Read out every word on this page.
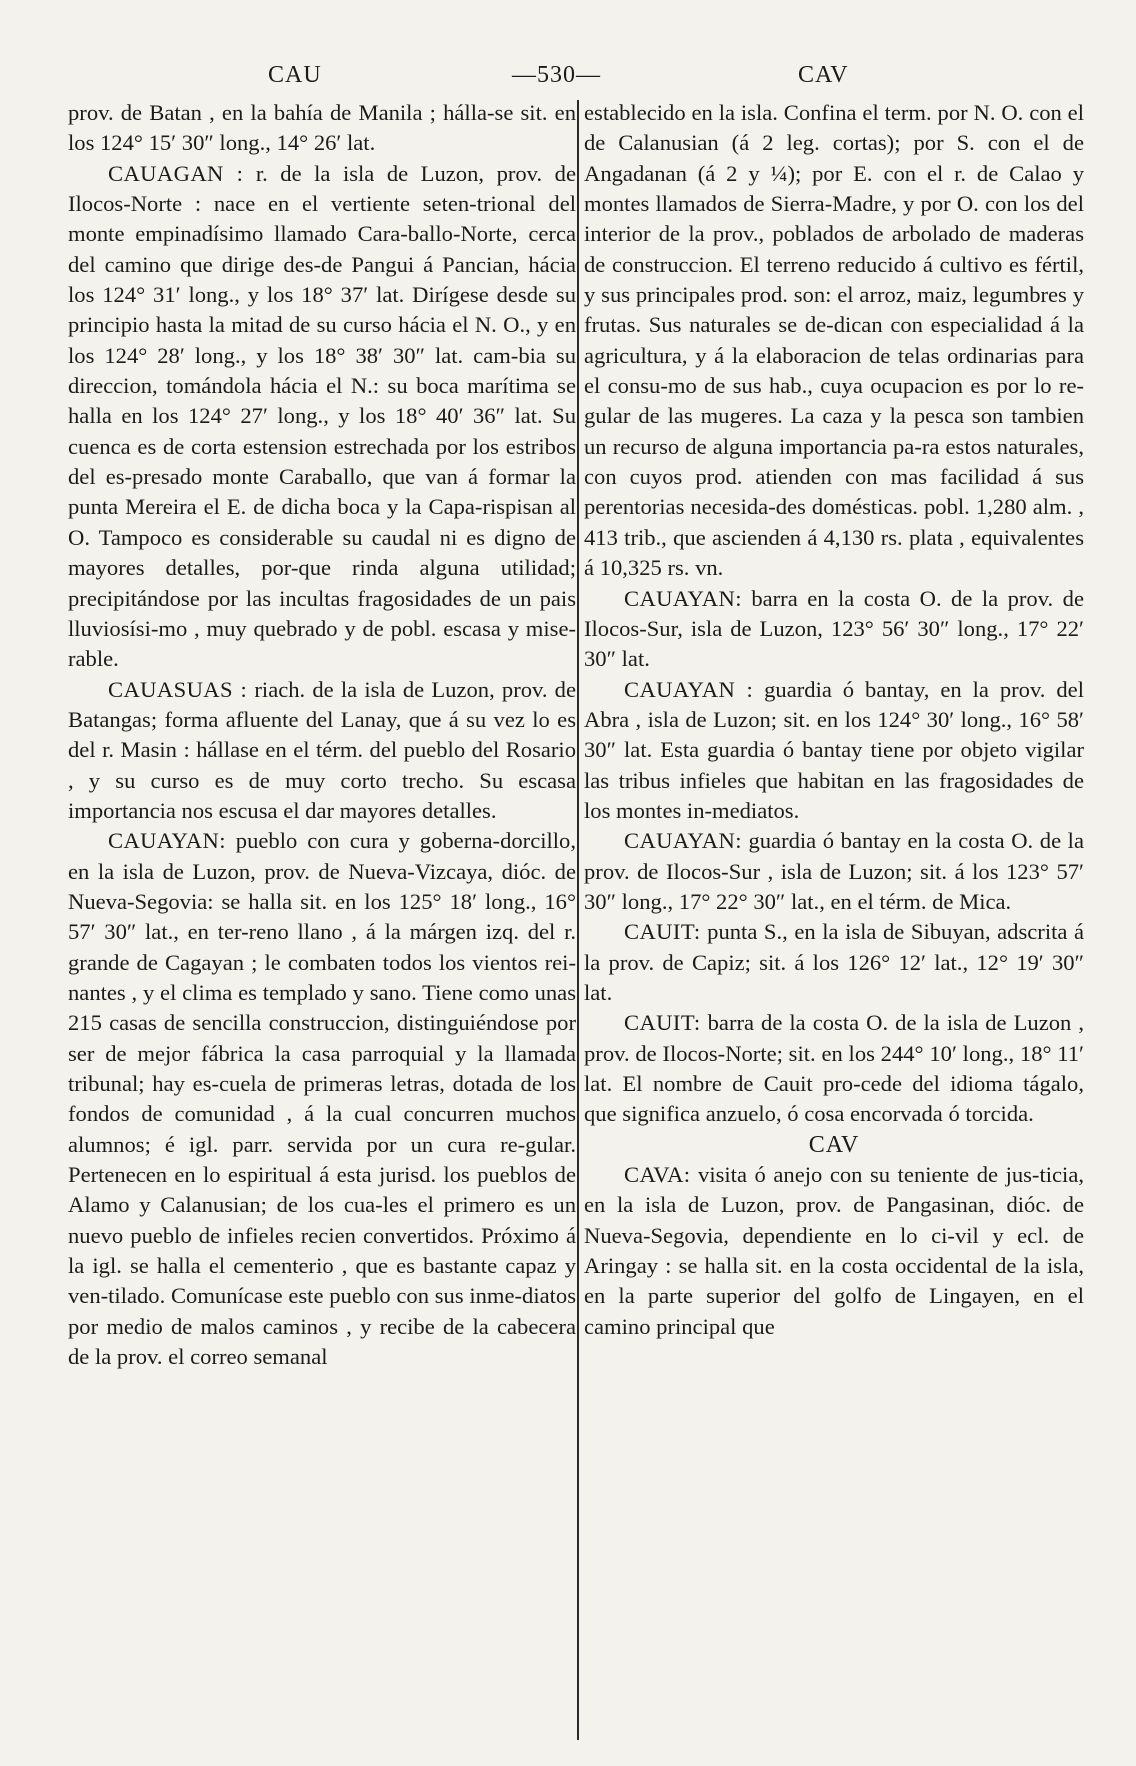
CAU	—530—	CAV

prov. de Batan , en la bahía de Manila ; hálla-se sit. en los 124° 15′ 30″ long., 14° 26′ lat.

CAUAGAN : r. de la isla de Luzon, prov. de Ilocos-Norte : nace en el vertiente seten-trional del monte empinadísimo llamado Cara-ballo-Norte, cerca del camino que dirige des-de Pangui á Pancian, hácia los 124° 31′ long., y los 18° 37′ lat. Dirígese desde su principio hasta la mitad de su curso hácia el N. O., y en los 124° 28′ long., y los 18° 38′ 30″ lat. cam-bia su direccion, tomándola hácia el N.: su boca marítima se halla en los 124° 27′ long., y los 18° 40′ 36″ lat. Su cuenca es de corta estension estrechada por los estribos del es-presado monte Caraballo, que van á formar la punta Mereira el E. de dicha boca y la Capa-rispisan al O. Tampoco es considerable su caudal ni es digno de mayores detalles, por-que rinda alguna utilidad; precipitándose por las incultas fragosidades de un pais lluviosísi-mo , muy quebrado y de pobl. escasa y mise-rable.

CAUASUAS : riach. de la isla de Luzon, prov. de Batangas; forma afluente del Lanay, que á su vez lo es del r. Masin : hállase en el térm. del pueblo del Rosario , y su curso es de muy corto trecho. Su escasa importancia nos escusa el dar mayores detalles.

CAUAYAN: pueblo con cura y goberna-dorcillo, en la isla de Luzon, prov. de Nueva-Vizcaya, dióc. de Nueva-Segovia: se halla sit. en los 125° 18′ long., 16° 57′ 30″ lat., en ter-reno llano , á la márgen izq. del r. grande de Cagayan ; le combaten todos los vientos rei-nantes , y el clima es templado y sano. Tiene como unas 215 casas de sencilla construccion, distinguiéndose por ser de mejor fábrica la casa parroquial y la llamada tribunal; hay es-cuela de primeras letras, dotada de los fondos de comunidad , á la cual concurren muchos alumnos; é igl. parr. servida por un cura re-gular. Pertenecen en lo espiritual á esta jurisd. los pueblos de Alamo y Calanusian; de los cua-les el primero es un nuevo pueblo de infieles recien convertidos. Próximo á la igl. se halla el cementerio , que es bastante capaz y ven-tilado. Comunícase este pueblo con sus inme-diatos por medio de malos caminos , y recibe de la cabecera de la prov. el correo semanal

establecido en la isla. Confina el term. por N. O. con el de Calanusian (á 2 leg. cortas); por S. con el de Angadanan (á 2 y ¼); por E. con el r. de Calao y montes llamados de Sierra-Madre, y por O. con los del interior de la prov., poblados de arbolado de maderas de construccion. El terreno reducido á cultivo es fértil, y sus principales prod. son: el arroz, maiz, legumbres y frutas. Sus naturales se de-dican con especialidad á la agricultura, y á la elaboracion de telas ordinarias para el consu-mo de sus hab., cuya ocupacion es por lo re-gular de las mugeres. La caza y la pesca son tambien un recurso de alguna importancia pa-ra estos naturales, con cuyos prod. atienden con mas facilidad á sus perentorias necesida-des domésticas. pobl. 1,280 alm. , 413 trib., que ascienden á 4,130 rs. plata , equivalentes á 10,325 rs. vn.

CAUAYAN: barra en la costa O. de la prov. de Ilocos-Sur, isla de Luzon, 123° 56′ 30″ long., 17° 22′ 30″ lat.

CAUAYAN : guardia ó bantay, en la prov. del Abra , isla de Luzon; sit. en los 124° 30′ long., 16° 58′ 30″ lat. Esta guardia ó bantay tiene por objeto vigilar las tribus infieles que habitan en las fragosidades de los montes in-mediatos.

CAUAYAN: guardia ó bantay en la costa O. de la prov. de Ilocos-Sur , isla de Luzon; sit. á los 123° 57′ 30″ long., 17° 22° 30″ lat., en el térm. de Mica.

CAUIT: punta S., en la isla de Sibuyan, adscrita á la prov. de Capiz; sit. á los 126° 12′ lat., 12° 19′ 30″ lat.

CAUIT: barra de la costa O. de la isla de Luzon , prov. de Ilocos-Norte; sit. en los 244° 10′ long., 18° 11′ lat. El nombre de Cauit pro-cede del idioma tágalo, que significa anzuelo, ó cosa encorvada ó torcida.

CAV

CAVA: visita ó anejo con su teniente de jus-ticia, en la isla de Luzon, prov. de Pangasinan, dióc. de Nueva-Segovia, dependiente en lo ci-vil y ecl. de Aringay : se halla sit. en la costa occidental de la isla, en la parte superior del golfo de Lingayen, en el camino principal que
